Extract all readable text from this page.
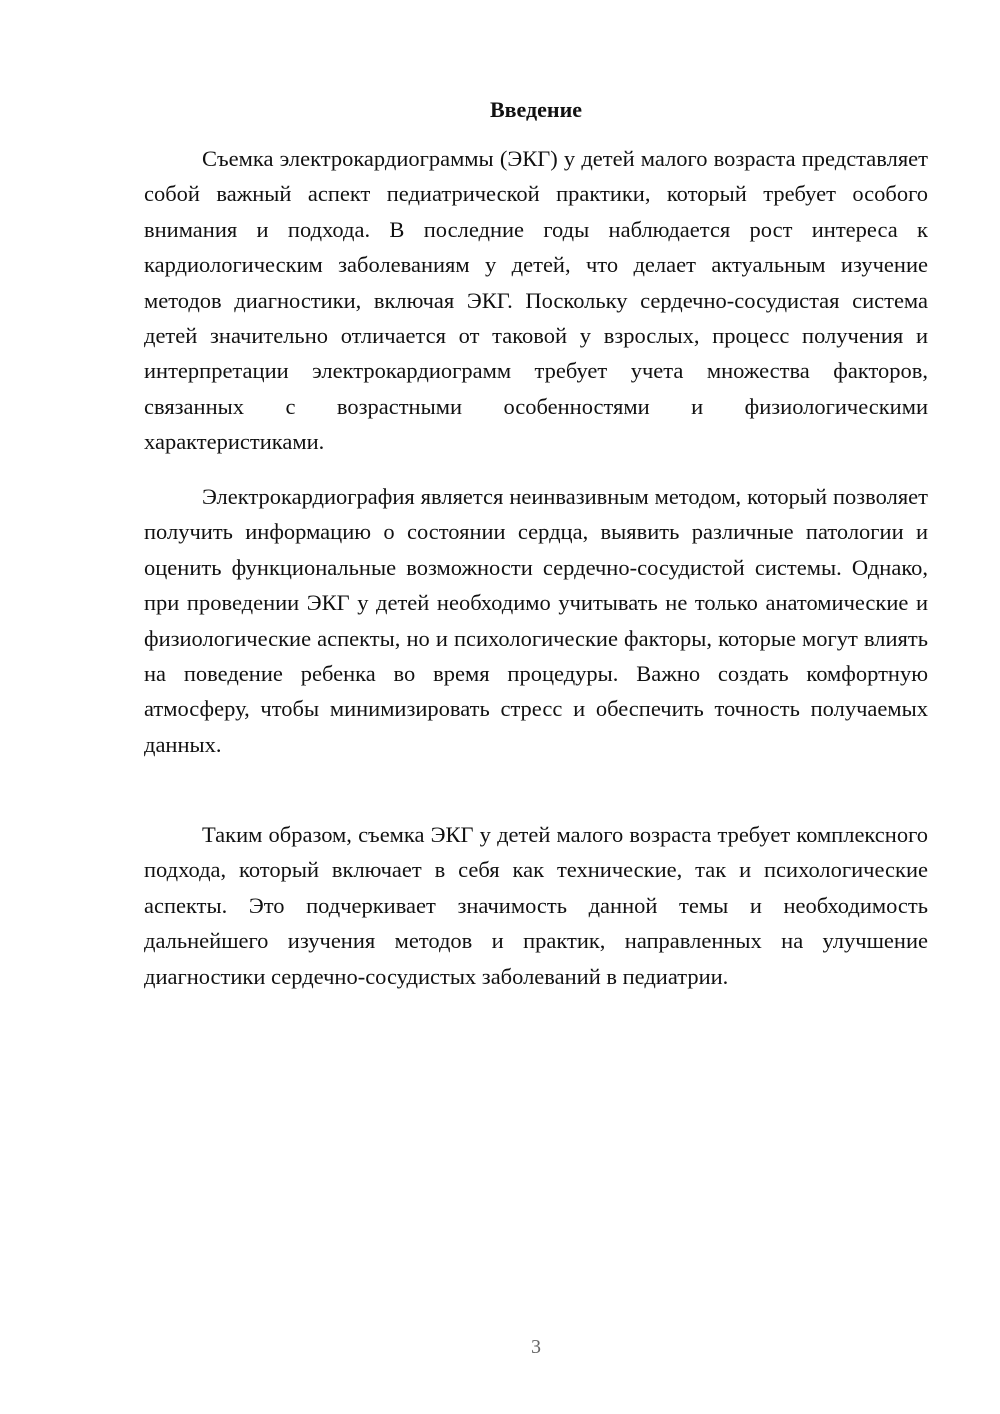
Введение

Съемка электрокардиограммы (ЭКГ) у детей малого возраста представляет собой важный аспект педиатрической практики, который требует особого внимания и подхода. В последние годы наблюдается рост интереса к кардиологическим заболеваниям у детей, что делает актуальным изучение методов диагностики, включая ЭКГ. Поскольку сердечно-сосудистая система детей значительно отличается от таковой у взрослых, процесс получения и интерпретации электрокардиограмм требует учета множества факторов, связанных с возрастными особенностями и физиологическими характеристиками.

Электрокардиография является неинвазивным методом, который позволяет получить информацию о состоянии сердца, выявить различные патологии и оценить функциональные возможности сердечно-сосудистой системы. Однако, при проведении ЭКГ у детей необходимо учитывать не только анатомические и физиологические аспекты, но и психологические факторы, которые могут влиять на поведение ребенка во время процедуры. Важно создать комфортную атмосферу, чтобы минимизировать стресс и обеспечить точность получаемых данных.

Таким образом, съемка ЭКГ у детей малого возраста требует комплексного подхода, который включает в себя как технические, так и психологические аспекты. Это подчеркивает значимость данной темы и необходимость дальнейшего изучения методов и практик, направленных на улучшение диагностики сердечно-сосудистых заболеваний в педиатрии.

3
